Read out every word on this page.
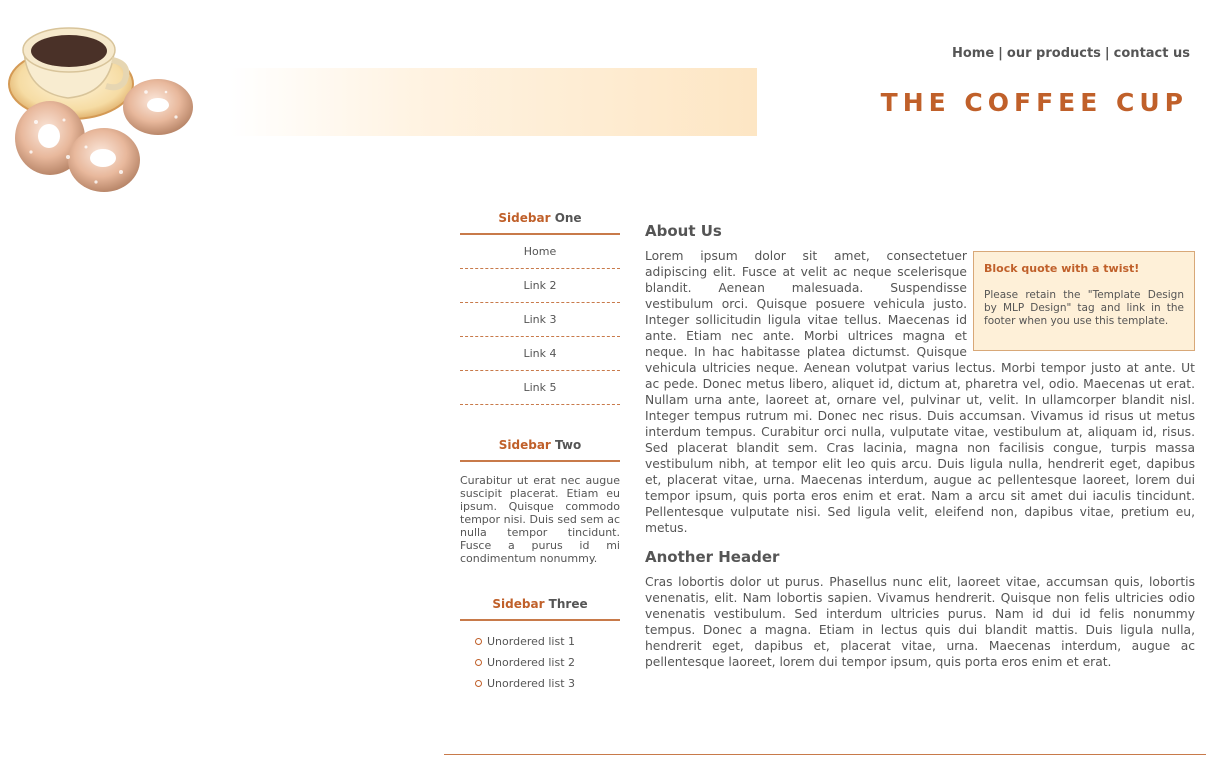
Home | our products | contact us
THE COFFEE CUP
Sidebar One
Home
Link 2
Link 3
Link 4
Link 5
Sidebar Two

Curabitur ut erat nec augue suscipit placerat. Etiam eu ipsum. Quisque commodo tempor nisi. Duis sed sem ac nulla tempor tincidunt. Fusce a purus id mi condimentum nonummy.

Sidebar Three
Unordered list 1
Unordered list 2
Unordered list 3
About Us
Block quote with a twist!

Please retain the "Template Design by MLP Design" tag and link in the footer when you use this template.

Lorem ipsum dolor sit amet, consectetuer adipiscing elit. Fusce at velit ac neque scelerisque blandit. Aenean malesuada. Suspendisse vestibulum orci. Quisque posuere vehicula justo. Integer sollicitudin ligula vitae tellus. Maecenas id ante. Etiam nec ante. Morbi ultrices magna et neque. In hac habitasse platea dictumst. Quisque vehicula ultricies neque. Aenean volutpat varius lectus. Morbi tempor justo at ante. Ut ac pede. Donec metus libero, aliquet id, dictum at, pharetra vel, odio. Maecenas ut erat. Nullam urna ante, laoreet at, ornare vel, pulvinar ut, velit. In ullamcorper blandit nisl. Integer tempus rutrum mi. Donec nec risus. Duis accumsan. Vivamus id risus ut metus interdum tempus. Curabitur orci nulla, vulputate vitae, vestibulum at, aliquam id, risus. Sed placerat blandit sem. Cras lacinia, magna non facilisis congue, turpis massa vestibulum nibh, at tempor elit leo quis arcu. Duis ligula nulla, hendrerit eget, dapibus et, placerat vitae, urna. Maecenas interdum, augue ac pellentesque laoreet, lorem dui tempor ipsum, quis porta eros enim et erat. Nam a arcu sit amet dui iaculis tincidunt. Pellentesque vulputate nisi. Sed ligula velit, eleifend non, dapibus vitae, pretium eu, metus.

Another Header

Cras lobortis dolor ut purus. Phasellus nunc elit, laoreet vitae, accumsan quis, lobortis venenatis, elit. Nam lobortis sapien. Vivamus hendrerit. Quisque non felis ultricies odio venenatis vestibulum. Sed interdum ultricies purus. Nam id dui id felis nonummy tempus. Donec a magna. Etiam in lectus quis dui blandit mattis. Duis ligula nulla, hendrerit eget, dapibus et, placerat vitae, urna. Maecenas interdum, augue ac pellentesque laoreet, lorem dui tempor ipsum, quis porta eros enim et erat.
